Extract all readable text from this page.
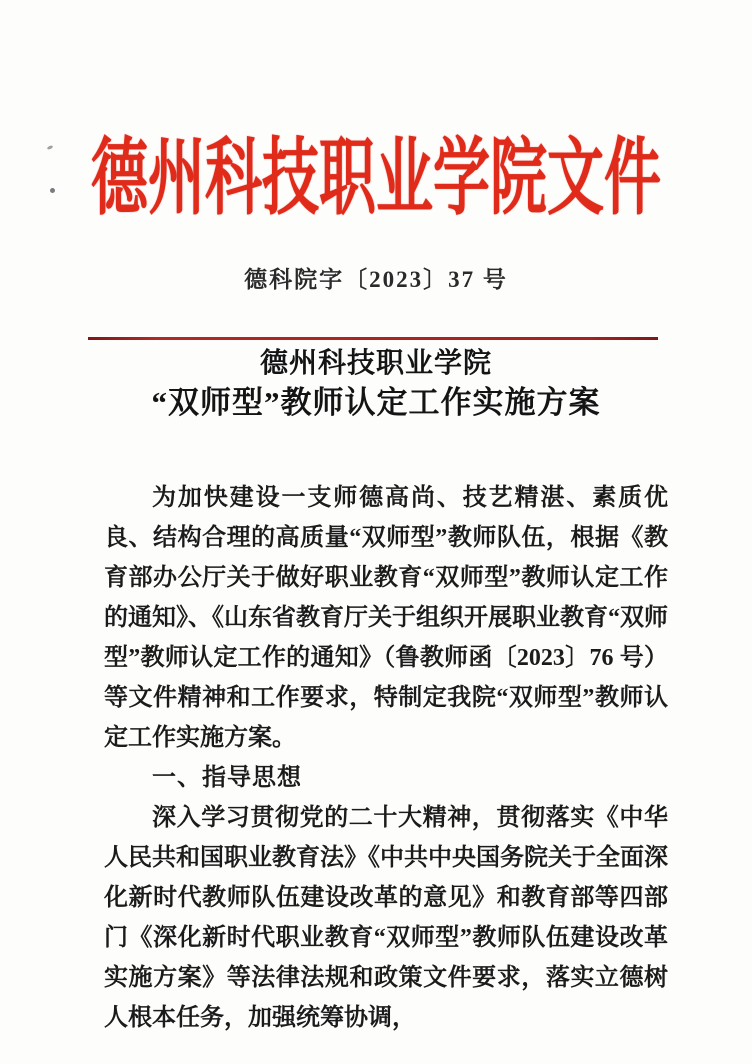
德州科技职业学院文件
德科院字〔2023〕37 号
德州科技职业学院
“双师型”教师认定工作实施方案

为加快建设一支师德高尚、技艺精湛、素质优良、结构合理的高质量“双师型”教师队伍，根据《教育部办公厅关于做好职业教育“双师型”教师认定工作的通知》、《山东省教育厅关于组织开展职业教育“双师型”教师认定工作的通知》（鲁教师函〔2023〕76 号）等文件精神和工作要求，特制定我院“双师型”教师认定工作实施方案。

一、指导思想

深入学习贯彻党的二十大精神，贯彻落实《中华人民共和国职业教育法》《中共中央国务院关于全面深化新时代教师队伍建设改革的意见》和教育部等四部门《深化新时代职业教育“双师型”教师队伍建设改革实施方案》等法律法规和政策文件要求，落实立德树人根本任务，加强统筹协调，
